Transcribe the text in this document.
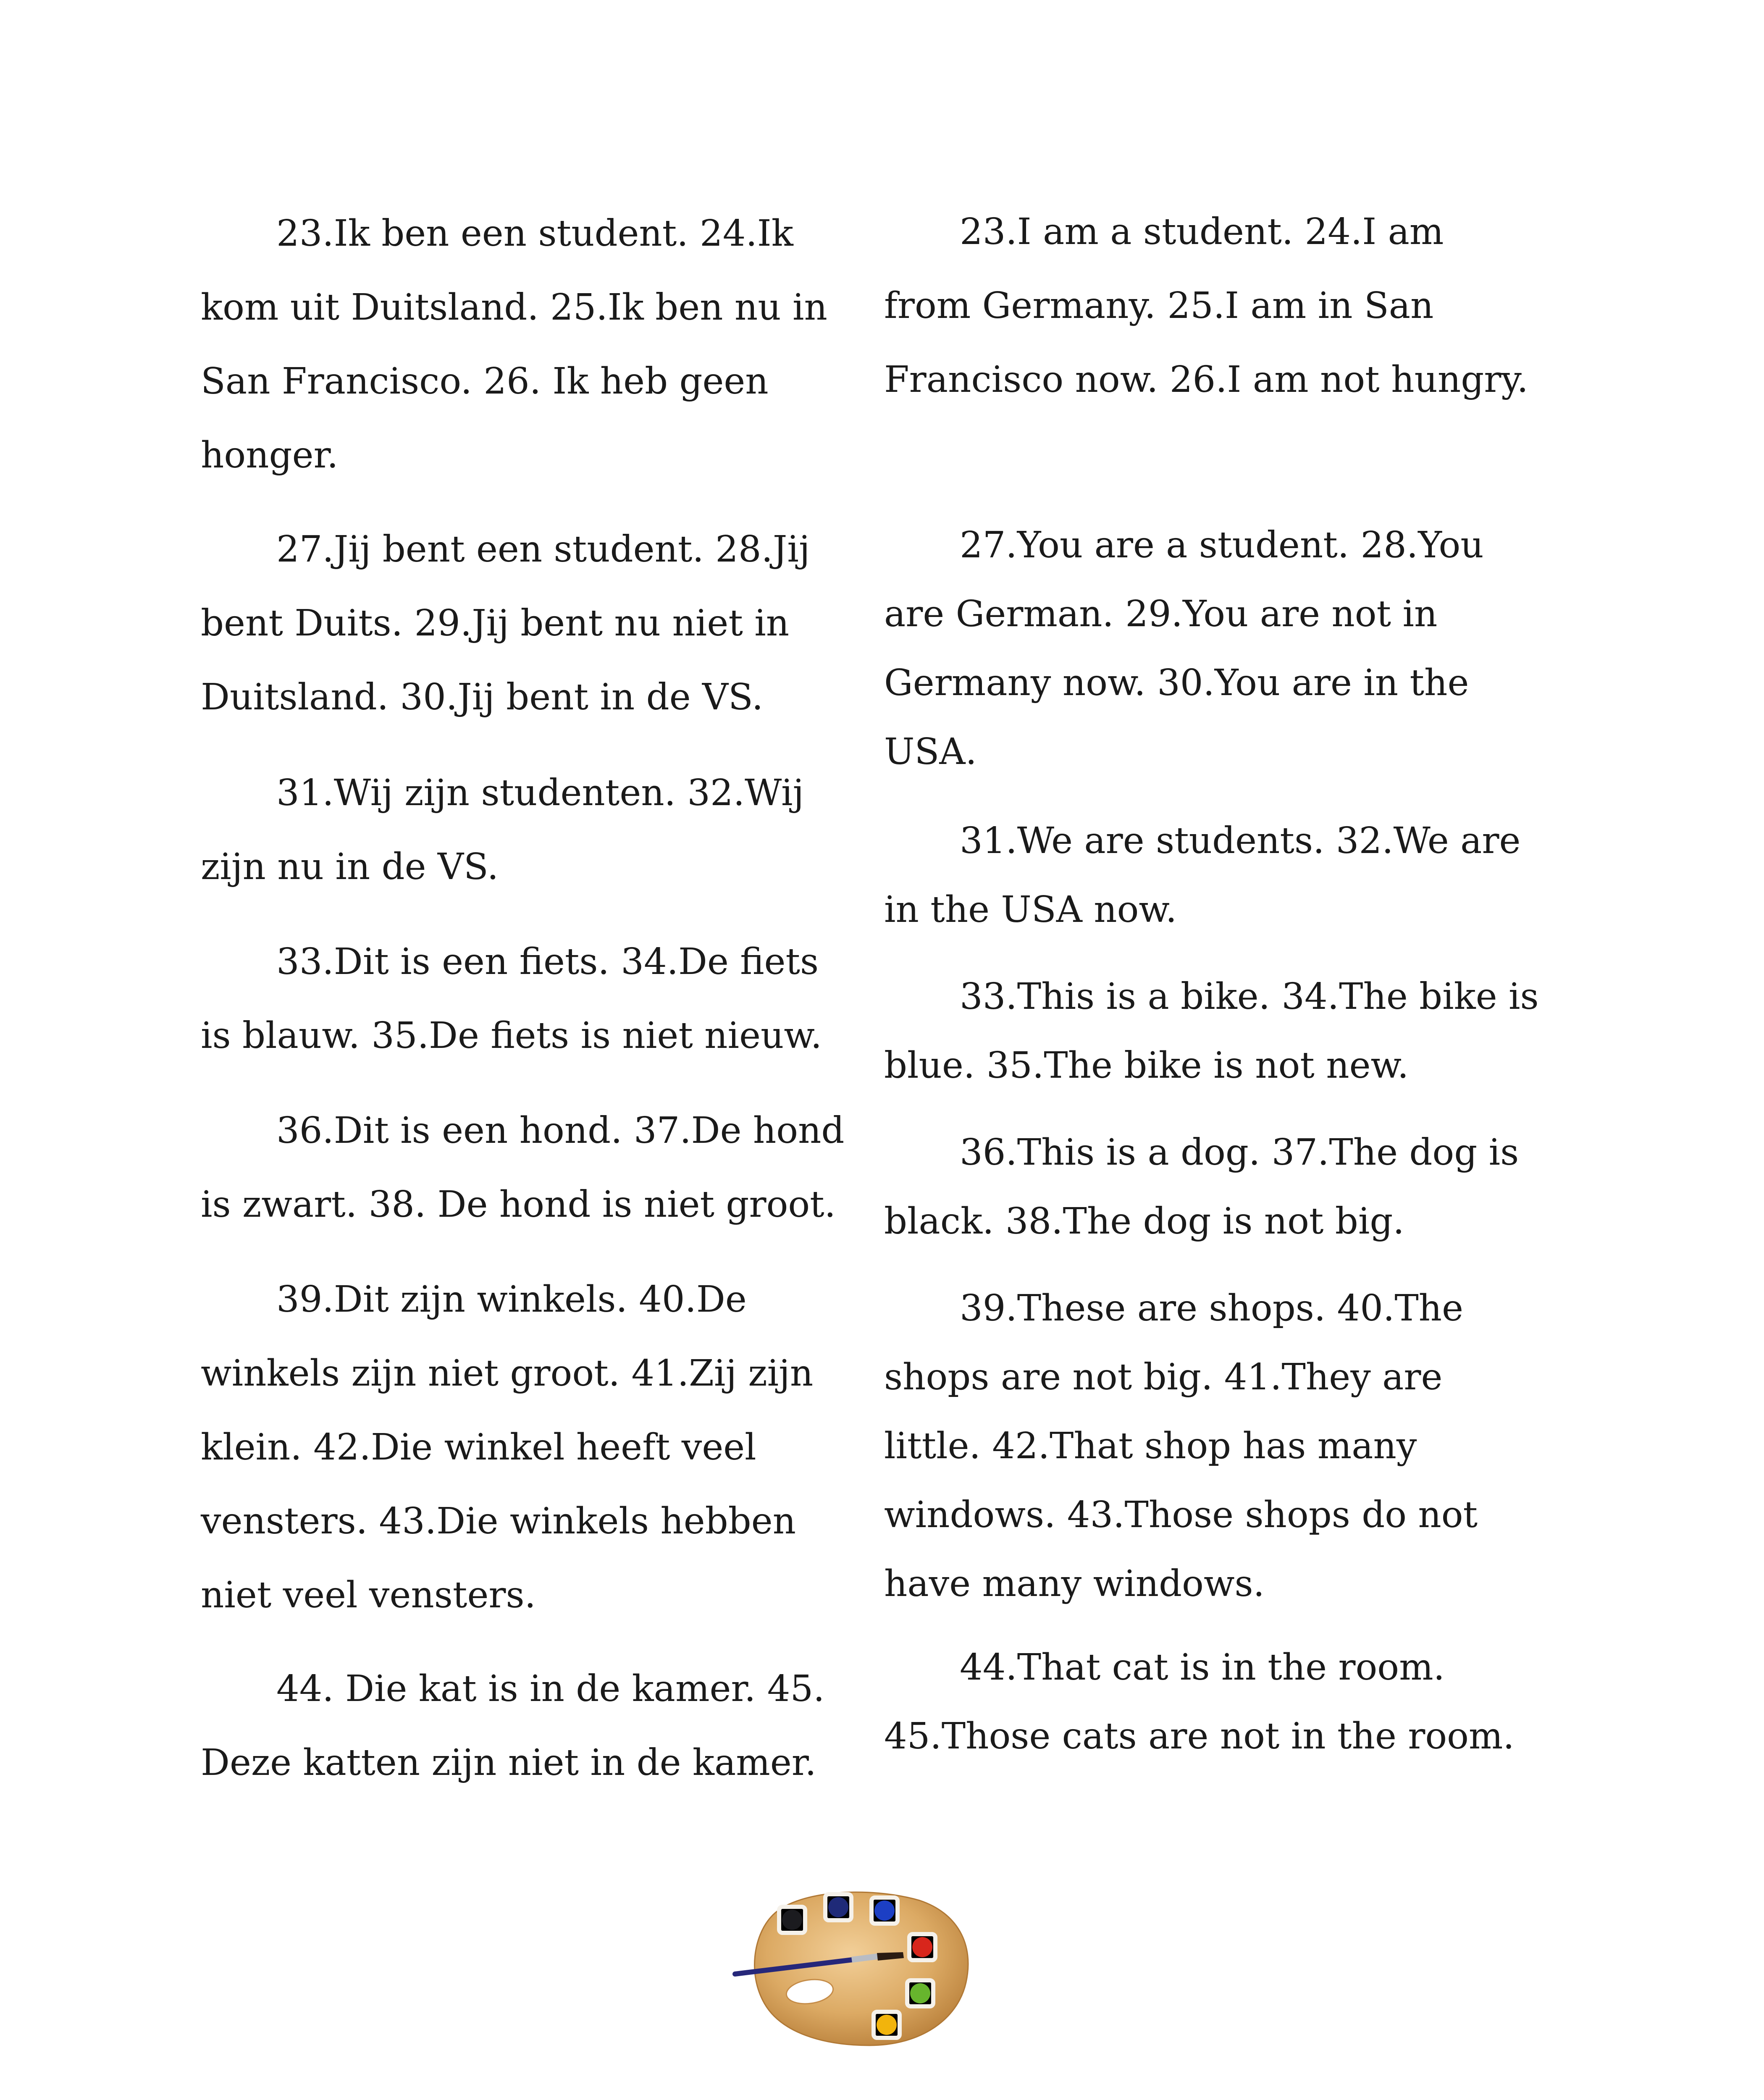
23.Ik ben een student. 24.Ik kom uit Duitsland. 25.Ik ben nu in San Francisco. 26. Ik heb geen honger.

27.Jij bent een student. 28.Jij bent Duits. 29.Jij bent nu niet in Duitsland. 30.Jij bent in de VS.

31.Wij zijn studenten. 32.Wij zijn nu in de VS.

33.Dit is een fiets. 34.De fiets is blauw. 35.De fiets is niet nieuw.

36.Dit is een hond. 37.De hond is zwart. 38. De hond is niet groot.

39.Dit zijn winkels. 40.De winkels zijn niet groot. 41.Zij zijn klein. 42.Die winkel heeft veel vensters. 43.Die winkels hebben niet veel vensters.

44. Die kat is in de kamer. 45. Deze katten zijn niet in de kamer.

23.I am a student. 24.I am from Germany. 25.I am in San Francisco now. 26.I am not hungry.

27.You are a student. 28.You are German. 29.You are not in Germany now. 30.You are in the USA.

31.We are students. 32.We are in the USA now.

33.This is a bike. 34.The bike is blue. 35.The bike is not new.

36.This is a dog. 37.The dog is black. 38.The dog is not big.

39.These are shops. 40.The shops are not big. 41.They are little. 42.That shop has many windows. 43.Those shops do not have many windows.

44.That cat is in the room. 45.Those cats are not in the room.
